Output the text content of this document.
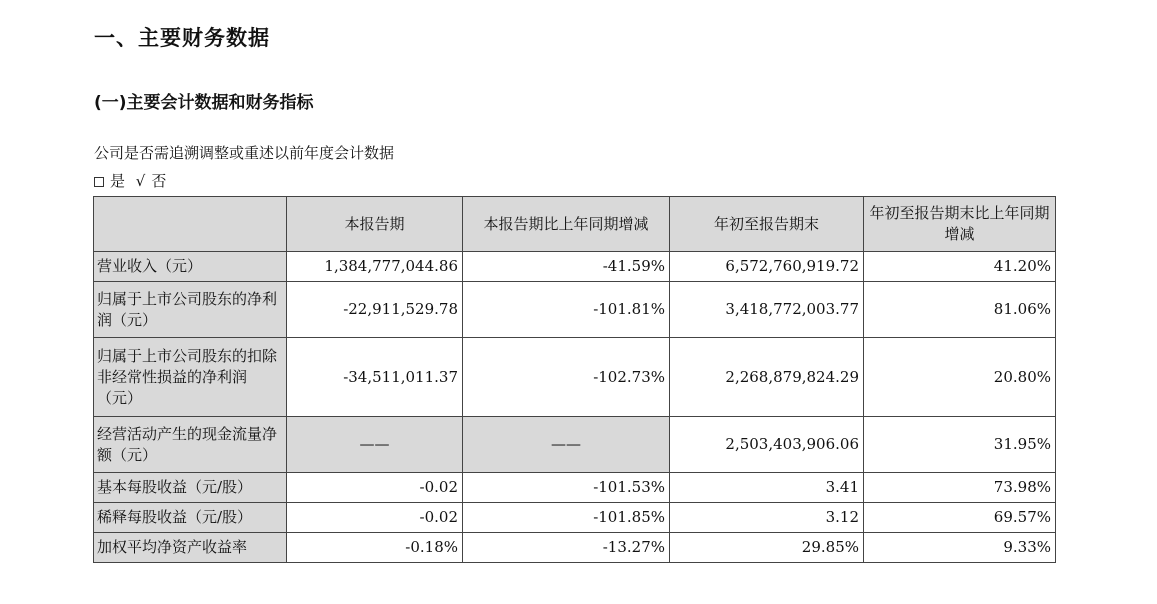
一、主要财务数据
(一)主要会计数据和财务指标
公司是否需追溯调整或重述以前年度会计数据
是 √ 否
	本报告期	本报告期比上年同期增减	年初至报告期末	年初至报告期末比上年同期增减
营业收入（元）	1,384,777,044.86	-41.59%	6,572,760,919.72	41.20%
归属于上市公司股东的净利润（元）	-22,911,529.78	-101.81%	3,418,772,003.77	81.06%
归属于上市公司股东的扣除非经常性损益的净利润（元）	-34,511,011.37	-102.73%	2,268,879,824.29	20.80%
经营活动产生的现金流量净额（元）	——	——	2,503,403,906.06	31.95%
基本每股收益（元/股）	-0.02	-101.53%	3.41	73.98%
稀释每股收益（元/股）	-0.02	-101.85%	3.12	69.57%
加权平均净资产收益率	-0.18%	-13.27%	29.85%	9.33%
